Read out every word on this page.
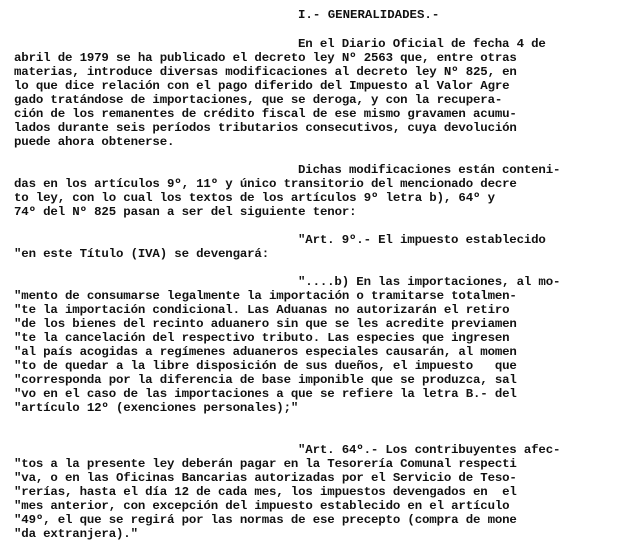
I.- GENERALIDADES.-
En el Diario Oficial de fecha 4 de
abril de 1979 se ha publicado el decreto ley Nº 2563 que, entre otras
materias, introduce diversas modificaciones al decreto ley Nº 825, en
lo que dice relación con el pago diferido del Impuesto al Valor Agre
gado tratándose de importaciones, que se deroga, y con la recupera-
ción de los remanentes de crédito fiscal de ese mismo gravamen acumu-
lados durante seis períodos tributarios consecutivos, cuya devolución
puede ahora obtenerse.
Dichas modificaciones están conteni-
das en los artículos 9º, 11º y único transitorio del mencionado decre
to ley, con lo cual los textos de los artículos 9º letra b), 64º y
74º del Nº 825 pasan a ser del siguiente tenor:
"Art. 9º.- El impuesto establecido
"en este Título (IVA) se devengará:
"....b) En las importaciones, al mo-
"mento de consumarse legalmente la importación o tramitarse totalmen-
"te la importación condicional. Las Aduanas no autorizarán el retiro
"de los bienes del recinto aduanero sin que se les acredite previamen
"te la cancelación del respectivo tributo. Las especies que ingresen
"al país acogidas a regímenes aduaneros especiales causarán, al momen
"to de quedar a la libre disposición de sus dueños, el impuesto   que
"corresponda por la diferencia de base imponible que se produzca, sal
"vo en el caso de las importaciones a que se refiere la letra B.- del
"artículo 12º (exenciones personales);"
"Art. 64º.- Los contribuyentes afec-
"tos a la presente ley deberán pagar en la Tesorería Comunal respecti
"va, o en las Oficinas Bancarias autorizadas por el Servicio de Teso-
"rerías, hasta el día 12 de cada mes, los impuestos devengados en  el
"mes anterior, con excepción del impuesto establecido en el artículo
"49º, el que se regirá por las normas de ese precepto (compra de mone
"da extranjera)."
